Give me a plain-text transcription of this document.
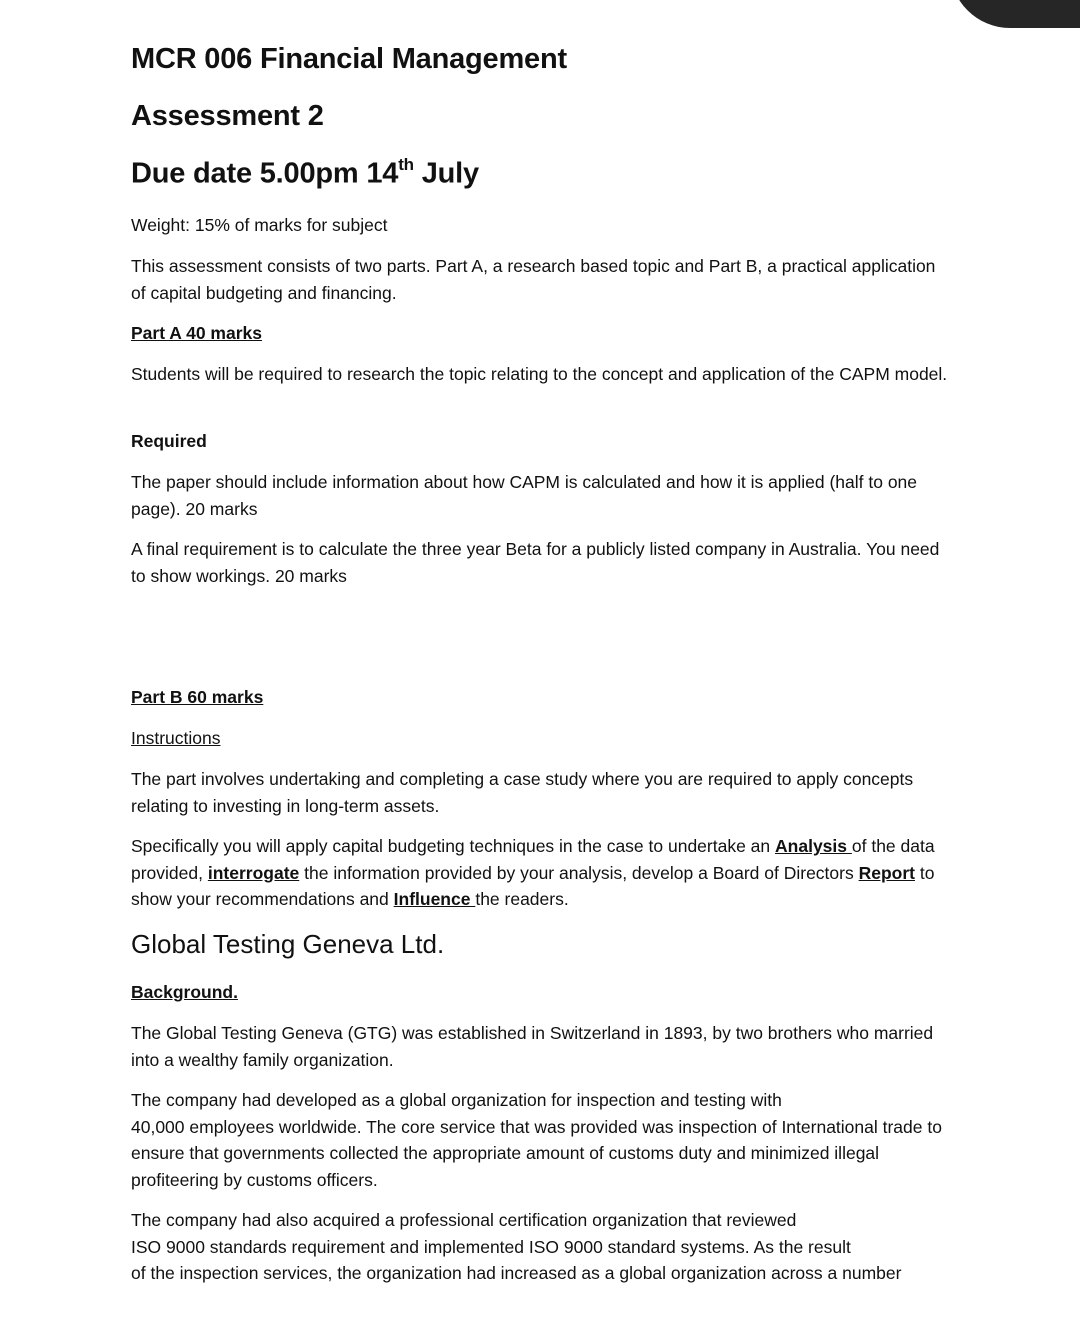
MCR 006 Financial Management
Assessment 2
Due date 5.00pm 14th July
Weight: 15% of marks for subject
This assessment consists of two parts. Part A, a research based topic and Part B, a practical application of capital budgeting and financing.
Part A 40 marks
Students will be required to research the topic relating to the concept and application of the CAPM model.
Required
The paper should include information about how CAPM is calculated and how it is applied (half to one page). 20 marks
A final requirement is to calculate the three year Beta for a publicly listed company in Australia. You need to show workings. 20 marks
Part B 60 marks
Instructions
The part involves undertaking and completing a case study where you are required to apply concepts relating to investing in long-term assets.
Specifically you will apply capital budgeting techniques in the case to undertake an Analysis of the data provided, interrogate the information provided by your analysis, develop a Board of Directors Report to show your recommendations and Influence the readers.
Global Testing Geneva Ltd.
Background.
The Global Testing Geneva (GTG) was established in Switzerland in 1893, by two brothers who married into a wealthy family organization.
The company had developed as a global organization for inspection and testing with
40,000 employees worldwide. The core service that was provided was inspection of International trade to ensure that governments collected the appropriate amount of customs duty and minimized illegal profiteering by customs officers.
The company had also acquired a professional certification organization that reviewed
ISO 9000 standards requirement and implemented ISO 9000 standard systems. As the result
of the inspection services, the organization had increased as a global organization across a number
